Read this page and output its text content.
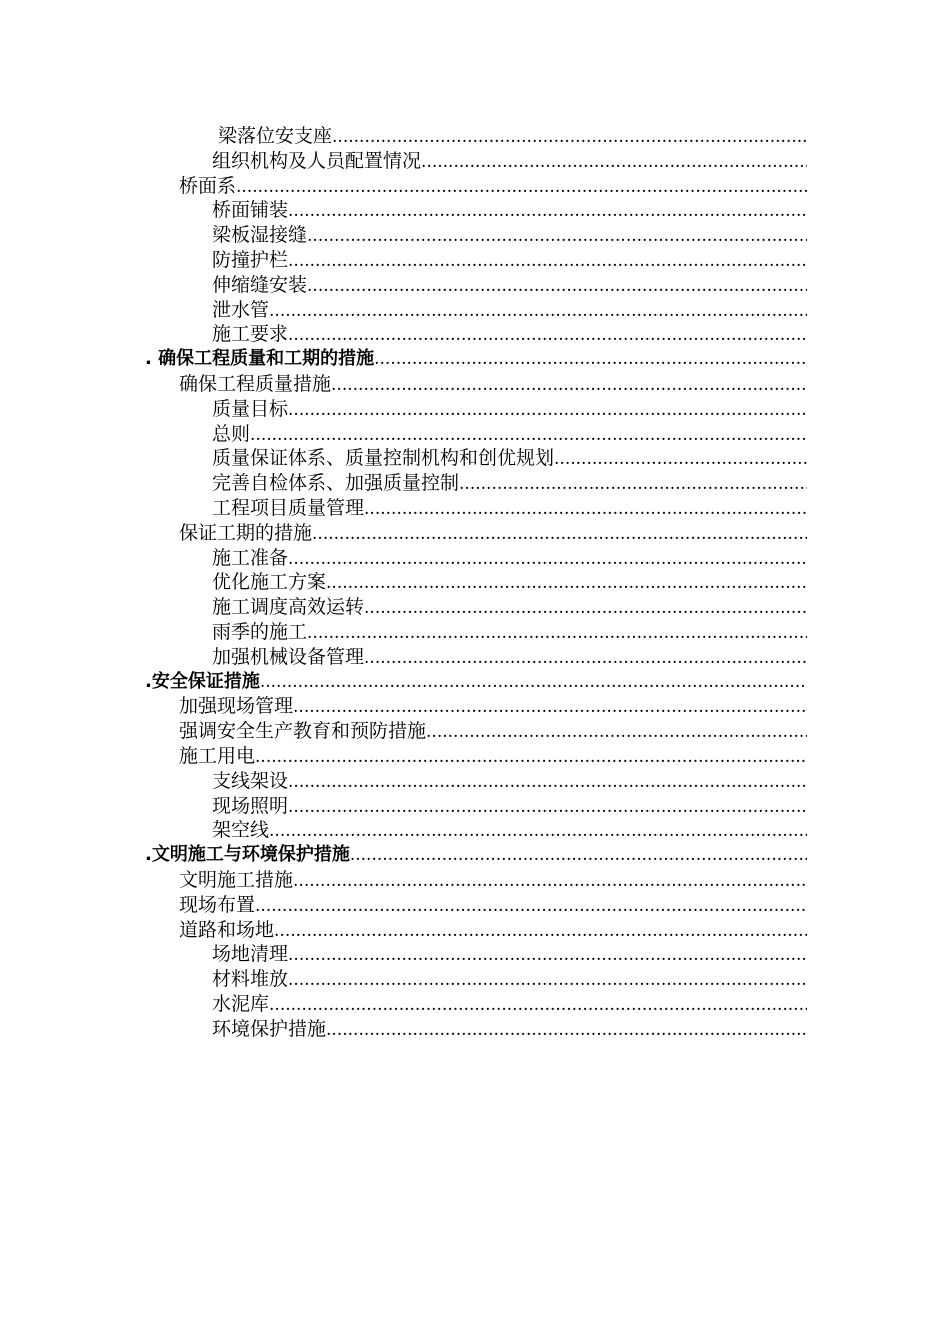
梁落位安支座
.....
组织机构及人员配置情况
.....
桥面系
.....
桥面铺装
.....
梁板湿接缝
.....
防撞护栏
.....
伸缩缝安装
.....
泄水管
.....
施工要求
.....
. 确保工程质量和工期的措施
.....
确保工程质量措施
.....
质量目标
.....
总则
.....
质量保证体系、质量控制机构和创优规划
.....
完善自检体系、加强质量控制
.....
工程项目质量管理
.....
保证工期的措施
.....
施工准备
.....
优化施工方案
.....
施工调度高效运转
.....
雨季的施工
.....
加强机械设备管理
.....
.安全保证措施
.....
加强现场管理
.....
强调安全生产教育和预防措施
.....
施工用电
.....
支线架设
.....
现场照明
.....
架空线
.....
.文明施工与环境保护措施
.....
文明施工措施
.....
现场布置
.....
道路和场地
.....
场地清理
.....
材料堆放
.....
水泥库
.....
环境保护措施
.....
